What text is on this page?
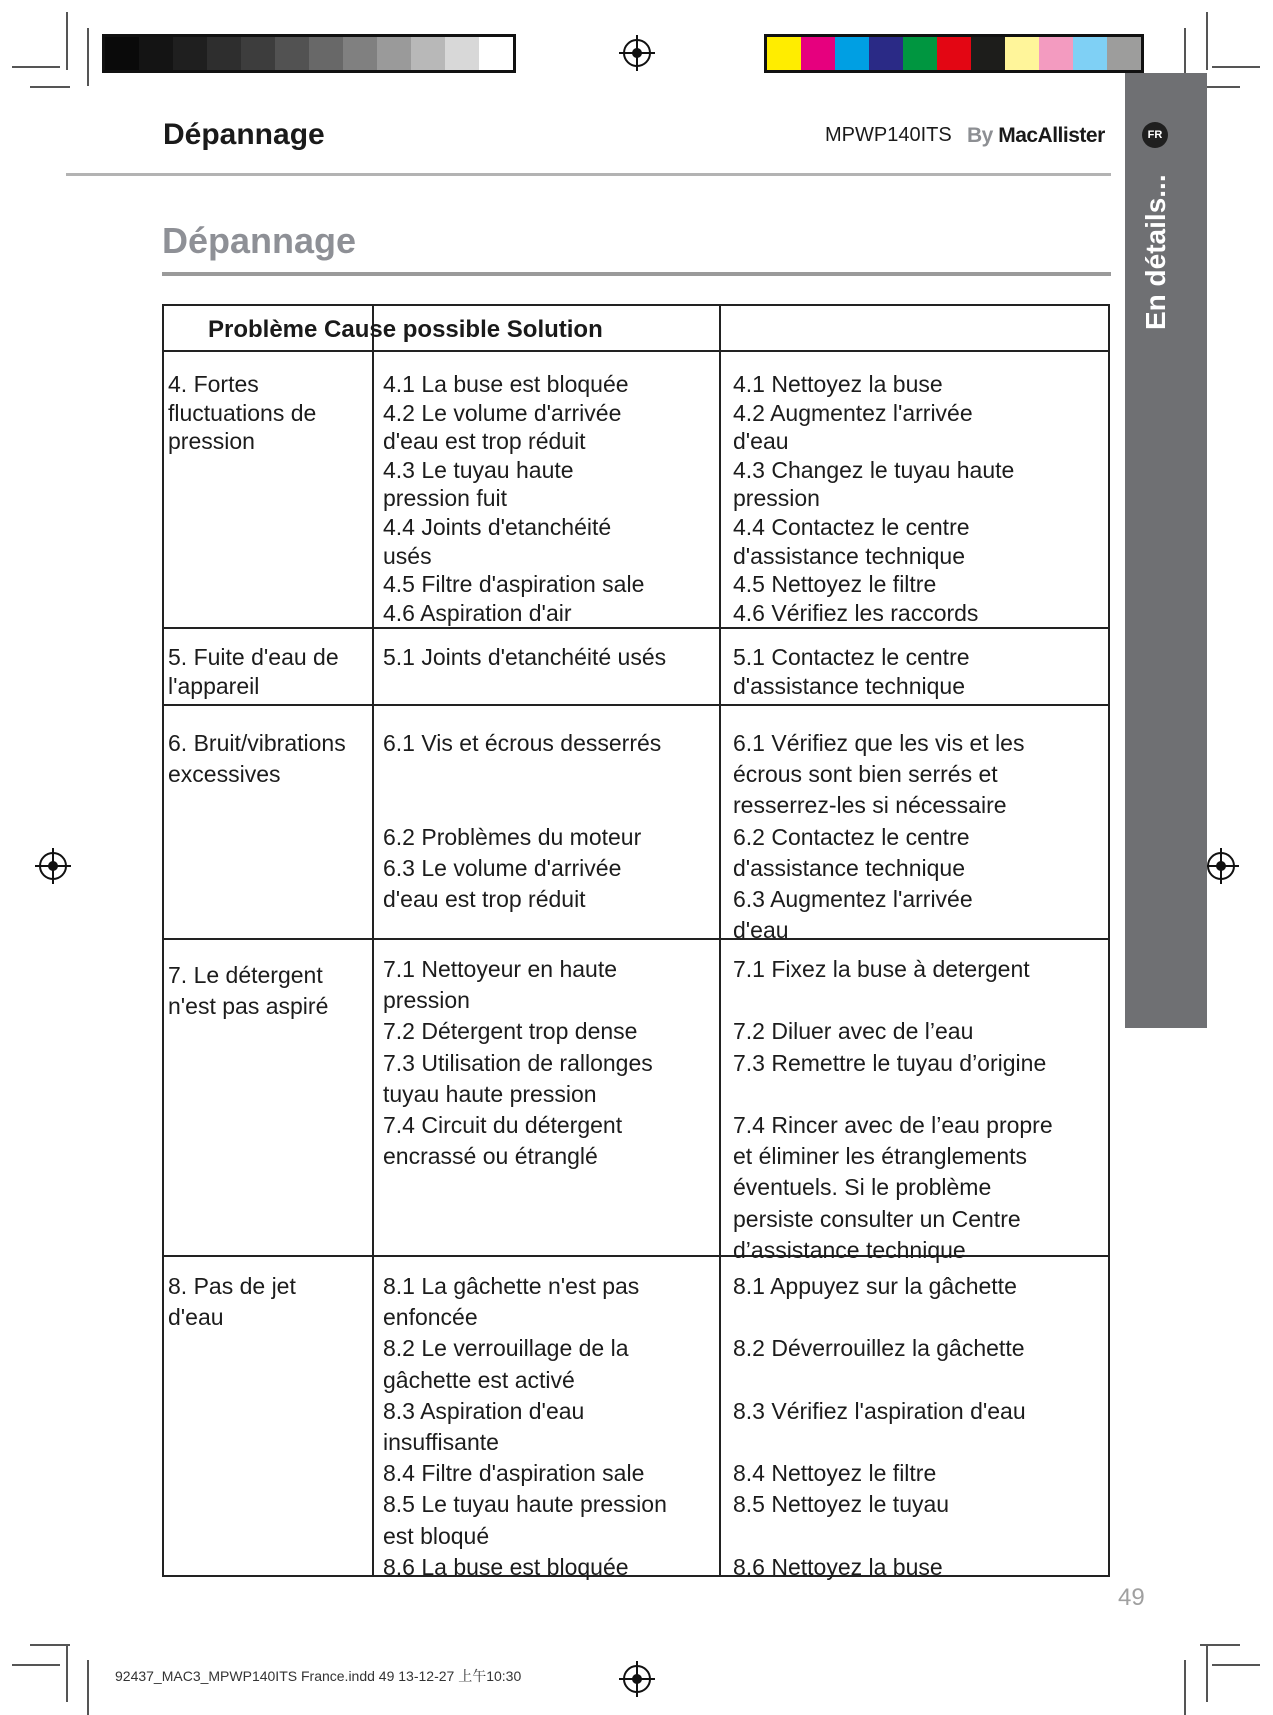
Dépannage	MPWP140ITS By MacAllister
Dépannage
FR
En détails...
Problème Cause possible Solution
4. Fortes
fluctuations de
pression
4.1 La buse est bloquée
4.2 Le volume d'arrivée
d'eau est trop réduit
4.3 Le tuyau haute
pression fuit
4.4 Joints d'etanchéité
usés
4.5 Filtre d'aspiration sale
4.6 Aspiration d'air
4.1 Nettoyez la buse
4.2 Augmentez l'arrivée
d'eau
4.3 Changez le tuyau haute
pression
4.4 Contactez le centre
d'assistance technique
4.5 Nettoyez le filtre
4.6 Vérifiez les raccords
5. Fuite d'eau de
l'appareil
5.1 Joints d'etanchéité usés	5.1 Contactez le centre
d'assistance technique
6. Bruit/vibrations
excessives
6.1 Vis et écrous desserrés

6.2 Problèmes du moteur
6.3 Le volume d'arrivée
d'eau est trop réduit
6.1 Vérifiez que les vis et les
écrous sont bien serrés et
resserrez-les si nécessaire
6.2 Contactez le centre
d'assistance technique
6.3 Augmentez l'arrivée
d'eau
7. Le détergent
n'est pas aspiré
7.1 Nettoyeur en haute
pression
7.2 Détergent trop dense
7.3 Utilisation de rallonges
tuyau haute pression
7.4 Circuit du détergent
encrassé ou étranglé
7.1 Fixez la buse à detergent

7.2 Diluer avec de l’eau
7.3 Remettre le tuyau d’origine

7.4 Rincer avec de l’eau propre
et éliminer les étranglements
éventuels. Si le problème
persiste consulter un Centre
d’assistance technique
8. Pas de jet
d'eau
8.1 La gâchette n'est pas
enfoncée
8.2 Le verrouillage de la
gâchette est activé
8.3 Aspiration d'eau
insuffisante
8.4 Filtre d'aspiration sale
8.5 Le tuyau haute pression
est bloqué
8.6 La buse est bloquée
8.1 Appuyez sur la gâchette

8.2 Déverrouillez la gâchette

8.3 Vérifiez l'aspiration d'eau

8.4 Nettoyez le filtre
8.5 Nettoyez le tuyau

8.6 Nettoyez la buse
49
92437_MAC3_MPWP140ITS France.indd 49 13-12-27 上午10:30
